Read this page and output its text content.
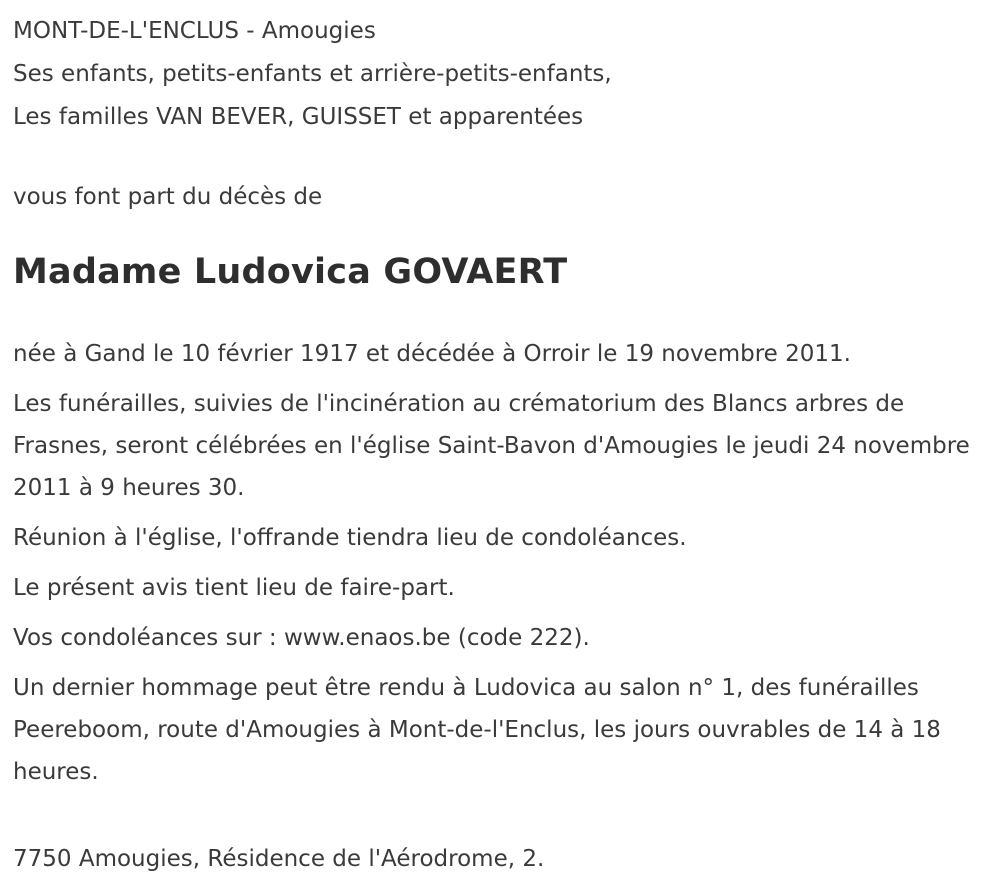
MONT-DE-L'ENCLUS - Amougies

Ses enfants, petits-enfants et arrière-petits-enfants,

Les familles VAN BEVER, GUISSET et apparentées

vous font part du décès de

Madame Ludovica GOVAERT

née à Gand le 10 février 1917 et décédée à Orroir le 19 novembre 2011.

Les funérailles, suivies de l'incinération au crématorium des Blancs arbres de Frasnes, seront célébrées en l'église Saint-Bavon d'Amougies le jeudi 24 novembre 2011 à 9 heures 30.

Réunion à l'église, l'offrande tiendra lieu de condoléances.

Le présent avis tient lieu de faire-part.

Vos condoléances sur : www.enaos.be (code 222).

Un dernier hommage peut être rendu à Ludovica au salon n° 1, des funérailles Peereboom, route d'Amougies à Mont-de-l'Enclus, les jours ouvrables de 14 à 18 heures.

7750 Amougies, Résidence de l'Aérodrome, 2.
